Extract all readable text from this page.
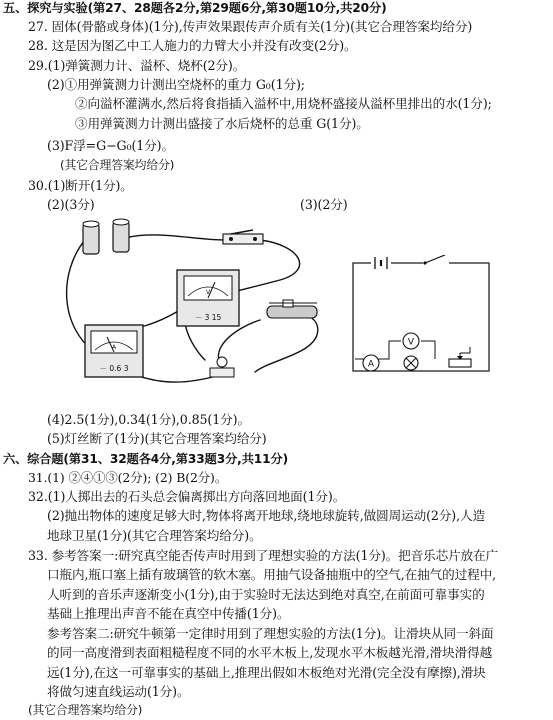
五、探究与实验(第27、28题各2分,第29题6分,第30题10分,共20分)
27. 固体(骨骼或身体)(1分),传声效果跟传声介质有关(1分)(其它合理答案均给分)
28. 这是因为图乙中工人施力的力臂大小并没有改变(2分)。
29.(1)弹簧测力计、溢杯、烧杯(2分)。
(2)①用弹簧测力计测出空烧杯的重力 G₀(1分);
②向溢杯灌满水,然后将食指插入溢杯中,用烧杯盛接从溢杯里排出的水(1分);
③用弹簧测力计测出盛接了水后烧杯的总重 G(1分)。
(3)F浮=G−G₀(1分)。
(其它合理答案均给分)
30.(1)断开(1分)。
(2)(3分)	(3)(2分)
V
－ 3 15
A
－ 0.6 3
V
A
(4)2.5(1分),0.34(1分),0.85(1分)。
(5)灯丝断了(1分)(其它合理答案均给分)
六、综合题(第31、32题各4分,第33题3分,共11分)
31.(1) ②④①③(2分); (2) B(2分)。
32.(1)人掷出去的石头总会偏离掷出方向落回地面(1分)。
(2)抛出物体的速度足够大时,物体将离开地球,绕地球旋转,做圆周运动(2分),人造
地球卫星(1分)(其它合理答案均给分)。
33. 参考答案一:研究真空能否传声时用到了理想实验的方法(1分)。把音乐芯片放在广
口瓶内,瓶口塞上插有玻璃管的软木塞。用抽气设备抽瓶中的空气,在抽气的过程中,
人听到的音乐声逐渐变小(1分),由于实验时无法达到绝对真空,在前面可靠事实的
基础上推理出声音不能在真空中传播(1分)。
参考答案二:研究牛顿第一定律时用到了理想实验的方法(1分)。让滑块从同一斜面
的同一高度滑到表面粗糙程度不同的水平木板上,发现水平木板越光滑,滑块滑得越
远(1分),在这一可靠事实的基础上,推理出假如木板绝对光滑(完全没有摩擦),滑块
将做匀速直线运动(1分)。
(其它合理答案均给分)
